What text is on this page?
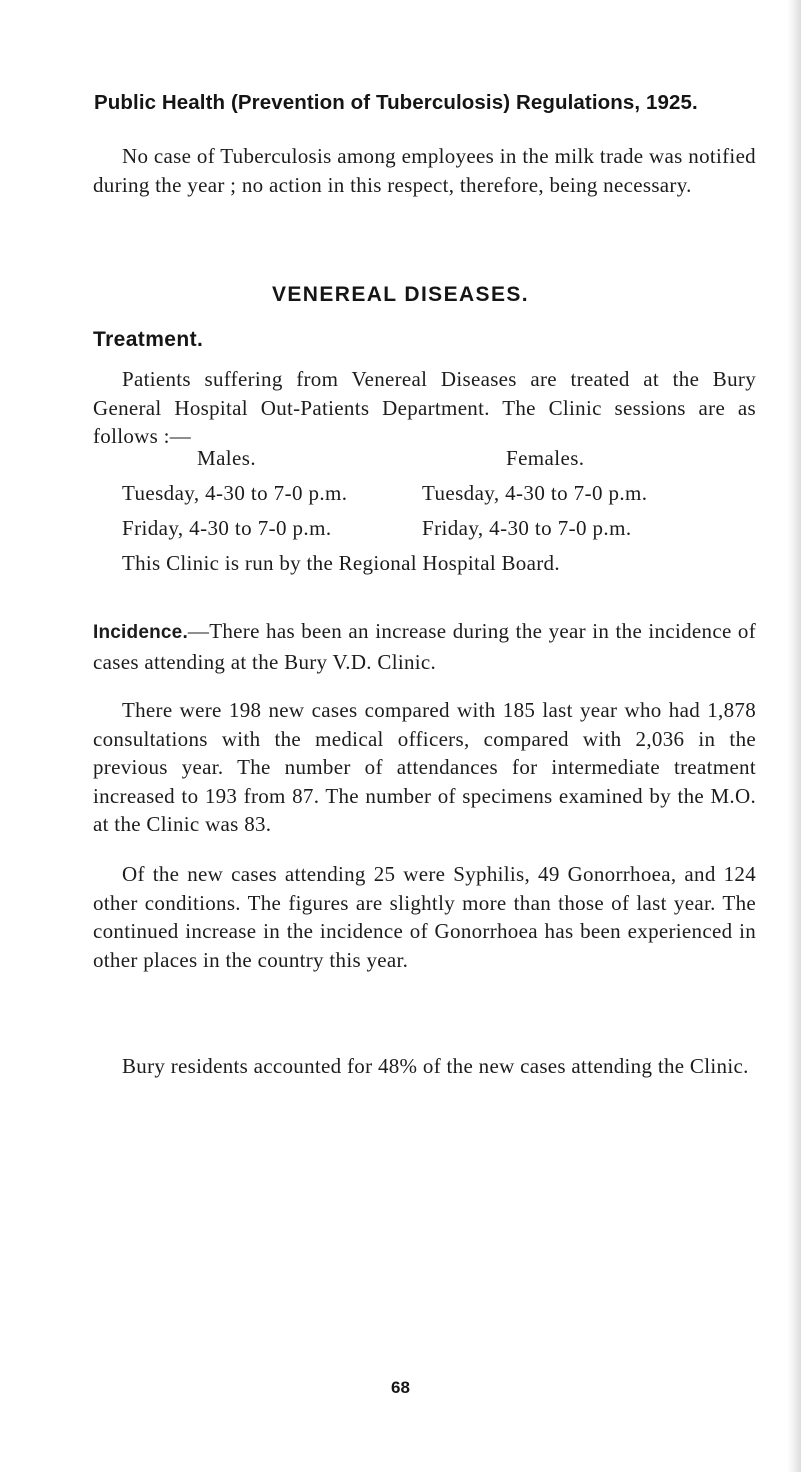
Public Health (Prevention of Tuberculosis) Regulations, 1925.

No case of Tuberculosis among employees in the milk trade was notified during the year ; no action in this respect, therefore, being necessary.

VENEREAL DISEASES.
Treatment.

Patients suffering from Venereal Diseases are treated at the Bury General Hospital Out-Patients Department. The Clinic sessions are as follows :—

Males.	Females.
Tuesday, 4-30 to 7-0 p.m.	Tuesday, 4-30 to 7-0 p.m.
Friday, 4-30 to 7-0 p.m.	Friday, 4-30 to 7-0 p.m.

This Clinic is run by the Regional Hospital Board.

Incidence.—There has been an increase during the year in the incidence of cases attending at the Bury V.D. Clinic.

There were 198 new cases compared with 185 last year who had 1,878 consultations with the medical officers, compared with 2,036 in the previous year. The number of attendances for intermediate treatment increased to 193 from 87. The number of specimens examined by the M.O. at the Clinic was 83.

Of the new cases attending 25 were Syphilis, 49 Gonorrhoea, and 124 other conditions. The figures are slightly more than those of last year. The continued increase in the incidence of Gonorrhoea has been experienced in other places in the country this year.

Bury residents accounted for 48% of the new cases attending the Clinic.

68
